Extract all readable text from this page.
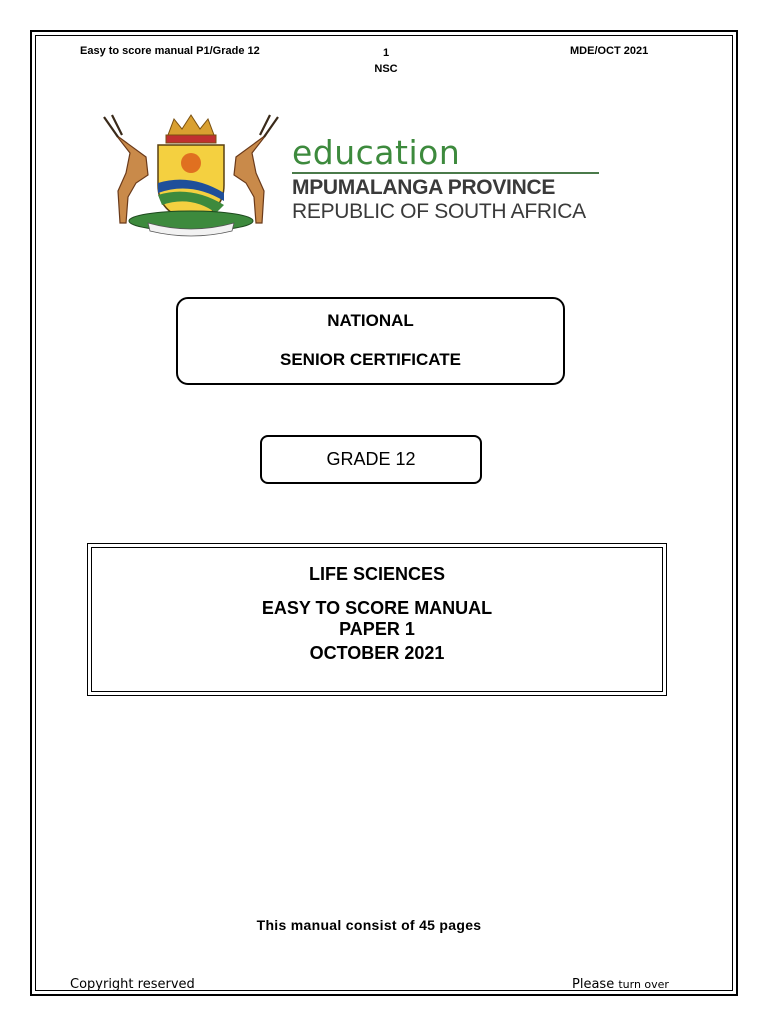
Easy to score manual P1/Grade 12	1
NSC
MDE/OCT 2021
education
MPUMALANGA PROVINCE
REPUBLIC OF SOUTH AFRICA
NATIONAL
SENIOR CERTIFICATE
GRADE 12
LIFE SCIENCES
EASY TO SCORE MANUAL
PAPER 1
OCTOBER 2021
This manual consist of 45 pages
Copyright reserved	Please turn over
